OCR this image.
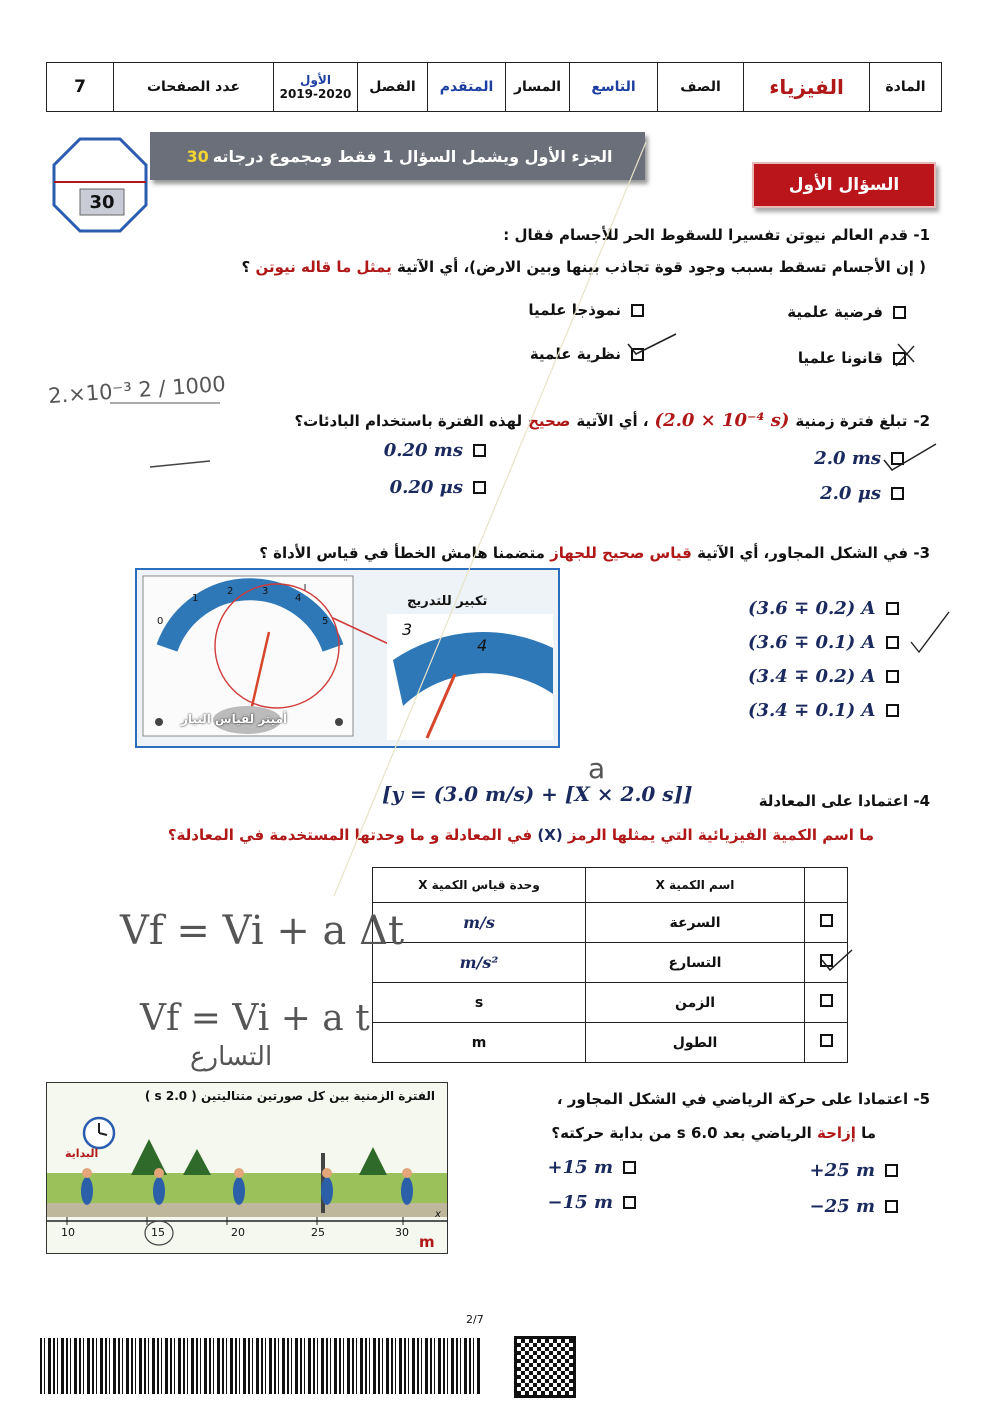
المادة
الفيزياء
الصف
التاسع
المسار
المتقدم
الفصل
الأول
2019-2020
عدد الصفحات
7
30
الجزء الأول ويشمل السؤال 1 فقط ومجموع درجاته
30
السؤال الأول
1- قدم العالم نيوتن تفسيرا للسقوط الحر للأجسام فقال :
( إن الأجسام تسقط بسبب وجود قوة تجاذب بينها وبين الارض)، أي الآتية يمثل ما قاله نيوتن ؟
فرضية علمية
نموذجا علميا
قانونا علميا
نظرية علمية
2.×10⁻³ 2 / 1000
2-
تبلغ فترة زمنية
(2.0 × 10⁻⁴ s)
، أي الآتية
صحيح
لهذه الفترة باستخدام البادئات؟
2.0 ms
0.20 ms
2.0 μs
0.20 μs
3- في الشكل المجاور، أي الآتية قياس صحيح للجهاز متضمنا هامش الخطأ في قياس الأداة ؟
0
1
2	3
4
5	3
4
تكبير للتدريج
أميتر لقياس التيار
(3.6 ∓ 0.2) A
(3.6 ∓ 0.1) A
(3.4 ∓ 0.2) A
(3.4 ∓ 0.1) A
4- اعتمادا على المعادلة
[y = (3.0 m/s) + [X × 2.0 s]]
a
ما اسم الكمية الفيزيائية التي يمثلها الرمز (X) في المعادلة و ما وحدتها المستخدمة في المعادلة؟
	اسم الكمية X	وحدة قياس الكمية X
	السرعة	m/s
	التسارع	m/s²
	الزمن	s
	الطول	m
Vf = Vi + a Δt
Vf = Vi + a t
التسارع
5- اعتمادا على حركة الرياضي في الشكل المجاور ،
ما إزاحة الرياضي بعد 6.0 s من بداية حركته؟
+25 m
+15 m
−25 m
−15 m
الفترة الزمنية بين كل صورتين متتاليتين ( 2.0 s )
البداية
10	15	20	25	30
x
m
2/7
